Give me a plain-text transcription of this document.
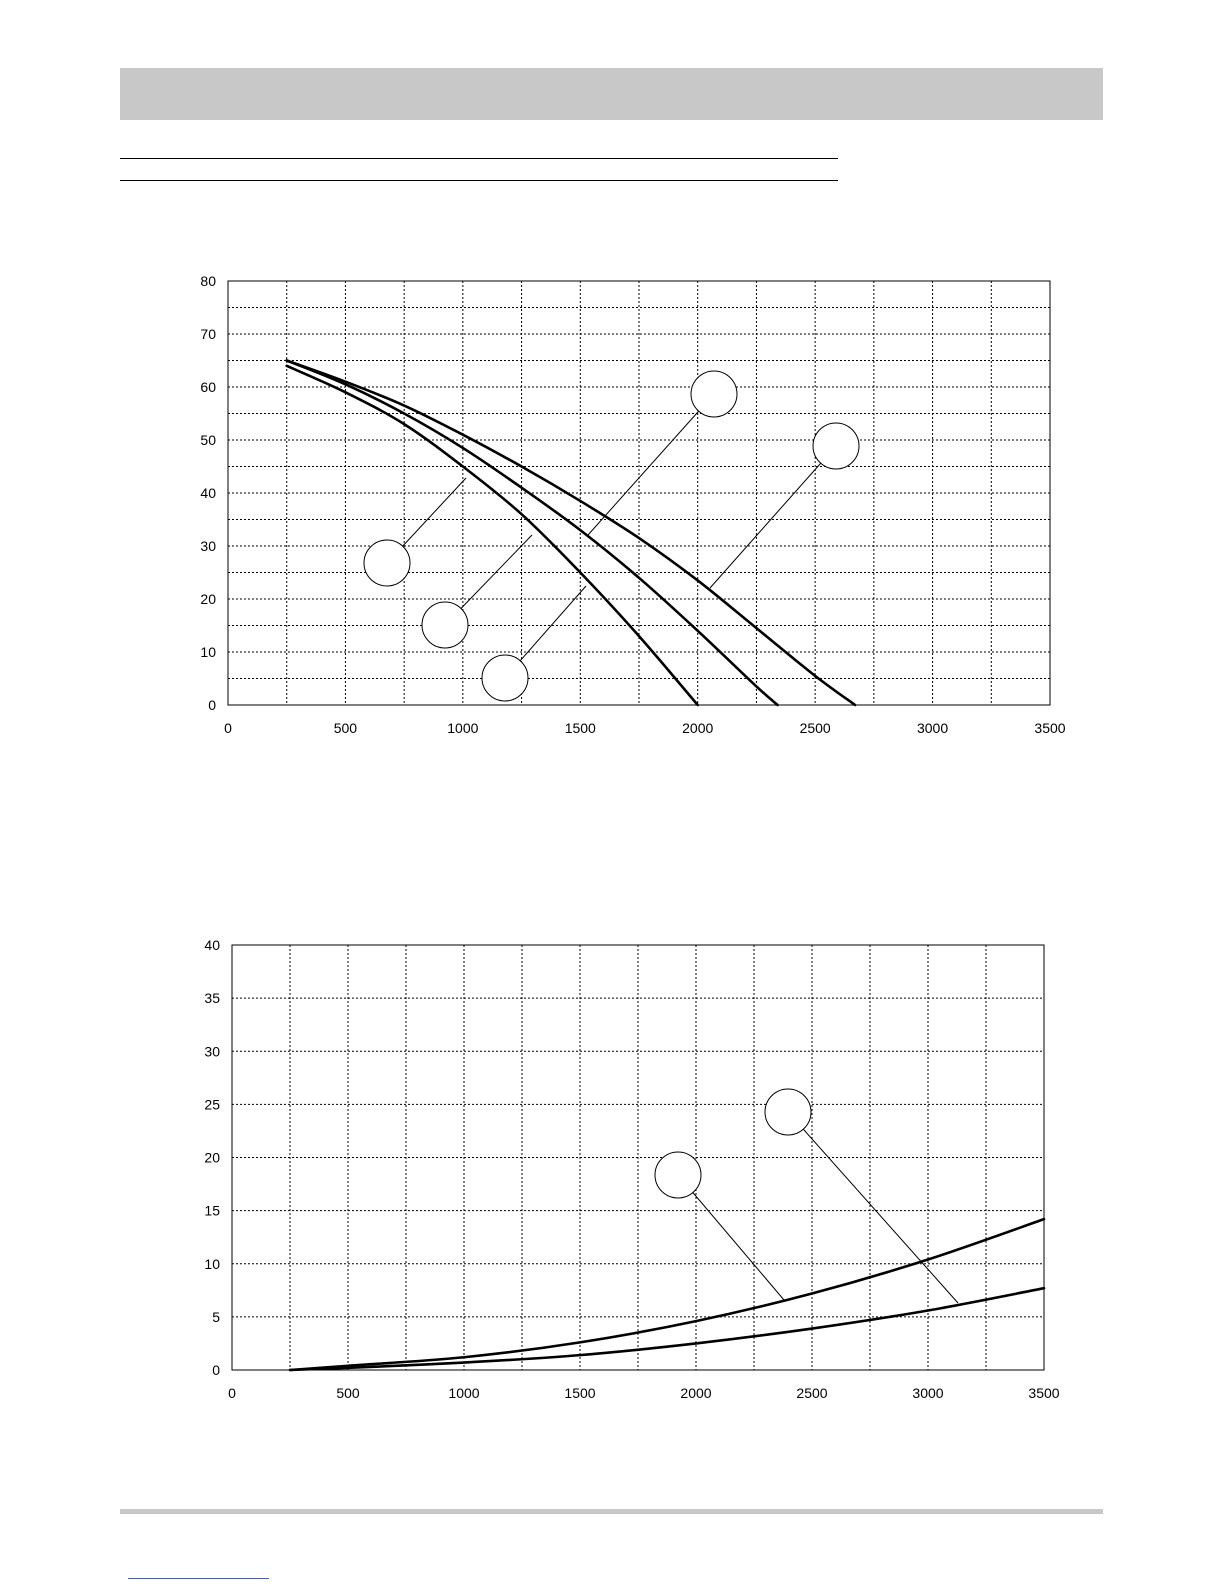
0	500	1000	1500	2000	2500	3000	3500
0
10
20
30
40
50
60
70
80
0	500	1000	1500	2000	2500	3000	3500
0
5
10
15
20
25
30
35
40
